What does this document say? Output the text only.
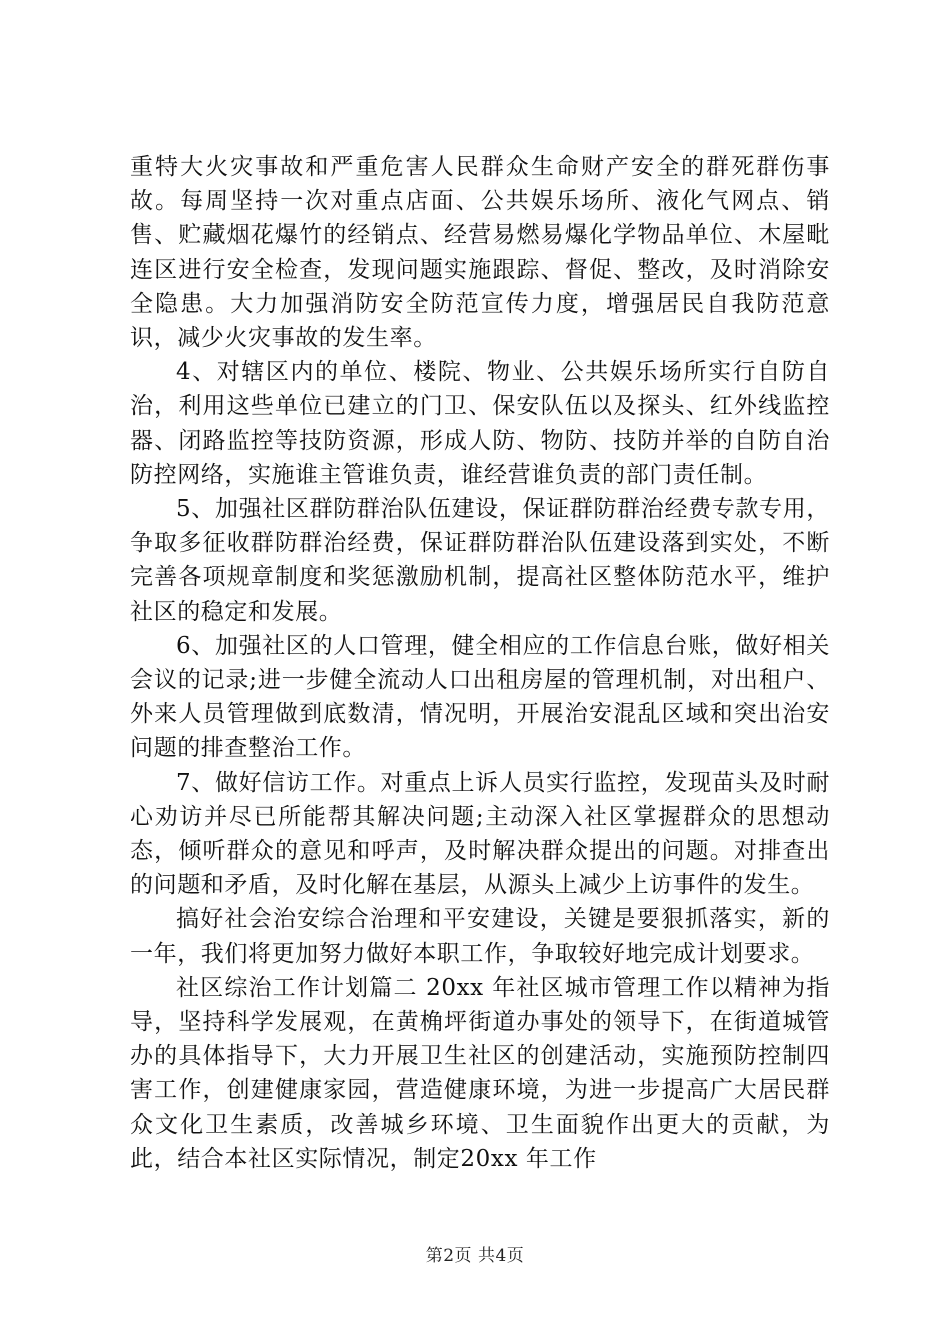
重特大火灾事故和严重危害人民群众生命财产安全的群死群伤事故。每周坚持一次对重点店面、公共娱乐场所、液化气网点、销售、贮藏烟花爆竹的经销点、经营易燃易爆化学物品单位、木屋毗连区进行安全检查，发现问题实施跟踪、督促、整改，及时消除安全隐患。大力加强消防安全防范宣传力度，增强居民自我防范意识，减少火灾事故的发生率。

4、对辖区内的单位、楼院、物业、公共娱乐场所实行自防自治，利用这些单位已建立的门卫、保安队伍以及探头、红外线监控器、闭路监控等技防资源，形成人防、物防、技防并举的自防自治防控网络，实施谁主管谁负责，谁经营谁负责的部门责任制。

5、加强社区群防群治队伍建设，保证群防群治经费专款专用，争取多征收群防群治经费，保证群防群治队伍建设落到实处，不断完善各项规章制度和奖惩激励机制，提高社区整体防范水平，维护社区的稳定和发展。

6、加强社区的人口管理，健全相应的工作信息台账，做好相关会议的记录;进一步健全流动人口出租房屋的管理机制，对出租户、外来人员管理做到底数清，情况明，开展治安混乱区域和突出治安问题的排查整治工作。

7、做好信访工作。对重点上诉人员实行监控，发现苗头及时耐心劝访并尽已所能帮其解决问题;主动深入社区掌握群众的思想动态，倾听群众的意见和呼声，及时解决群众提出的问题。对排查出的问题和矛盾，及时化解在基层，从源头上减少上访事件的发生。

搞好社会治安综合治理和平安建设，关键是要狠抓落实，新的一年，我们将更加努力做好本职工作，争取较好地完成计划要求。

社区综治工作计划篇二 20xx 年社区城市管理工作以精神为指导，坚持科学发展观，在黄桷坪街道办事处的领导下，在街道城管办的具体指导下，大力开展卫生社区的创建活动，实施预防控制四害工作，创建健康家园，营造健康环境，为进一步提高广大居民群众文化卫生素质，改善城乡环境、卫生面貌作出更大的贡献，为此，结合本社区实际情况，制定20xx 年工作

第2页 共4页
